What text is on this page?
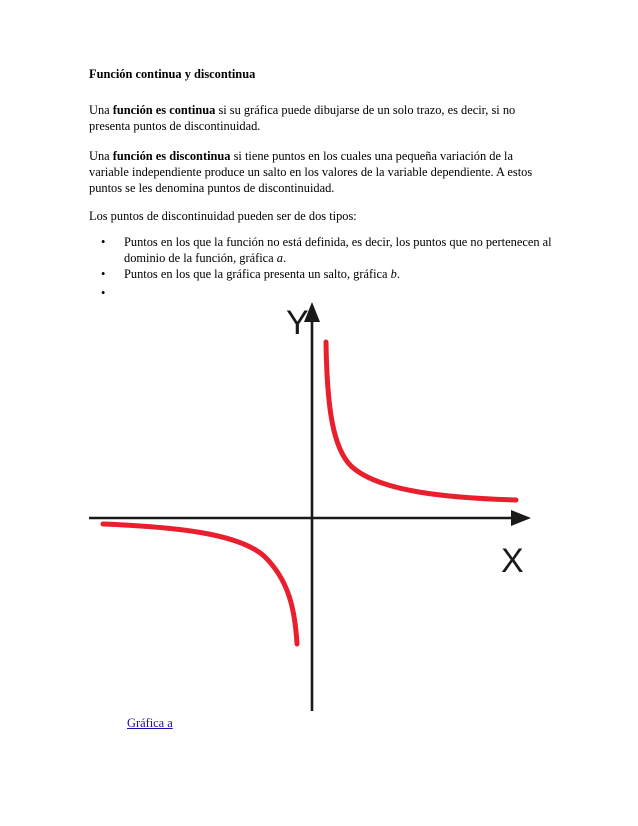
Función continua y discontinua

Una función es continua si su gráfica puede dibujarse de un solo trazo, es decir, si no presenta puntos de discontinuidad.

Una función es discontinua si tiene puntos en los cuales una pequeña variación de la variable independiente produce un salto en los valores de la variable dependiente. A estos puntos se les denomina puntos de discontinuidad.

Los puntos de discontinuidad pueden ser de dos tipos:

• Puntos en los que la función no está definida, es decir, los puntos que no pertenecen al dominio de la función, gráfica a.
• Puntos en los que la gráfica presenta un salto, gráfica b.
•
Y
X
Gráfica a
